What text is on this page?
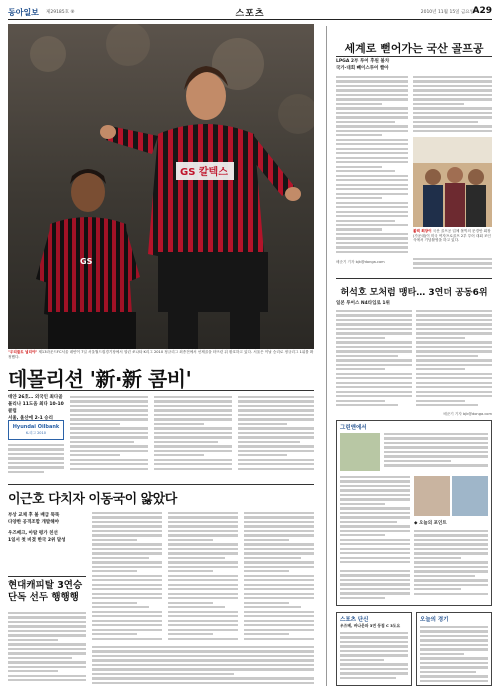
동아일보 제29185호 ⑧	스포츠	2010년 11월 15일 금요일
A29
GS
GS 칼텍스
"우리들도 널리야" 제13라운드FC서울 데얀이 7일 서울월드컵경기장에서 열린 쏘나타 K리그 2010 정규리그 최종전에서 선제골을 터뜨린 뒤 환호하고 있다. 서울은 이날 승리로 정규리그 1위를 확정했다.
데몰리션 '新·新 콤비'
데얀 26호… 외국인 최다골
몰리나 11도움 최다 10-10클럽
서울, 울산에 2-1 승리
Hyundai Oilbank
K-리그 2010
이근호 다치자 이동국이 앓았다
부상 교체 후 볼 배급 뚝뚝
다양한 공격조합 개발해야
우즈베크, 아랍 평가 친선
1일서 첫 비겼 한국 2위 달성
현대캐피탈 3연승 단독 선두 행행행
세계로 뻗어가는 국산 골프공
LPGA 2부 투어 후원 볼차
국가·대회 뻬이스투어 빨아
볼빅 회장이 국산 골프공 업체 볼빅의 문경안 회장(가운데)이 미국 여자프로골프 2부 투어 대회 조인식에서 기념촬영을 하고 있다.
배준기 기자 bjk@donga.com
허석호 모처럼 맹타… 3연더 공동6위
일본 투어스 N4타입로 1위
배준기 기자 bjk@donga.com
그린앤에서
◆ 오늘의 포인트
스포츠 단신
우즈베, 바나운파 3연 동점 C 3도요
오늘의 경기
